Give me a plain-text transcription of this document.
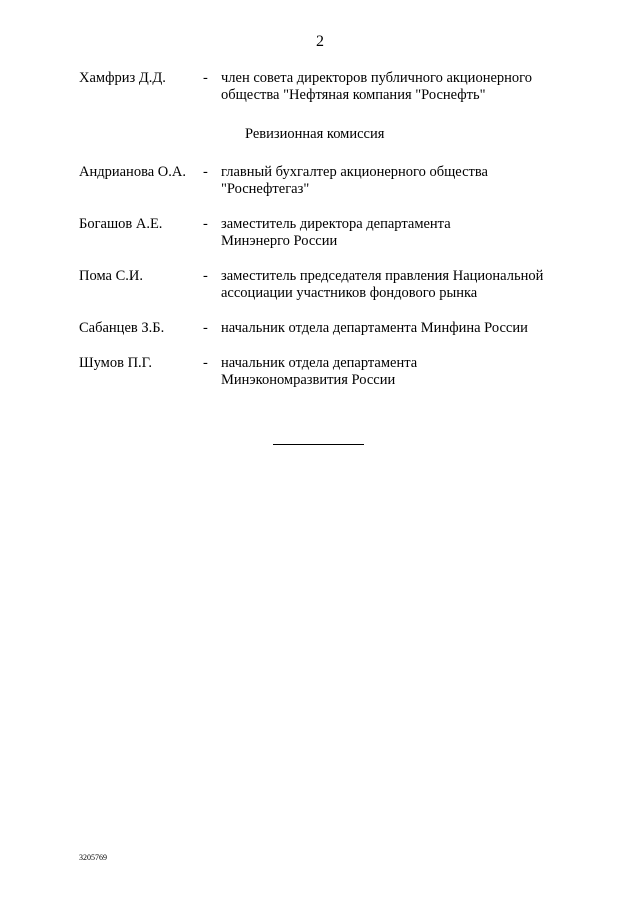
2
Хамфриз Д.Д.	- член совета директоров публичного акционерного
общества "Нефтяная компания "Роснефть"
Ревизионная комиссия
Андрианова О.А. - главный бухгалтер акционерного общества
"Роснефтегаз"
Богашов А.Е.	- заместитель директора департамента
Минэнерго России
Пома С.И.	- заместитель председателя правления Национальной
ассоциации участников фондового рынка
Сабанцев З.Б.	- начальник отдела департамента Минфина России
Шумов П.Г.	- начальник отдела департамента
Минэкономразвития России
3205769
